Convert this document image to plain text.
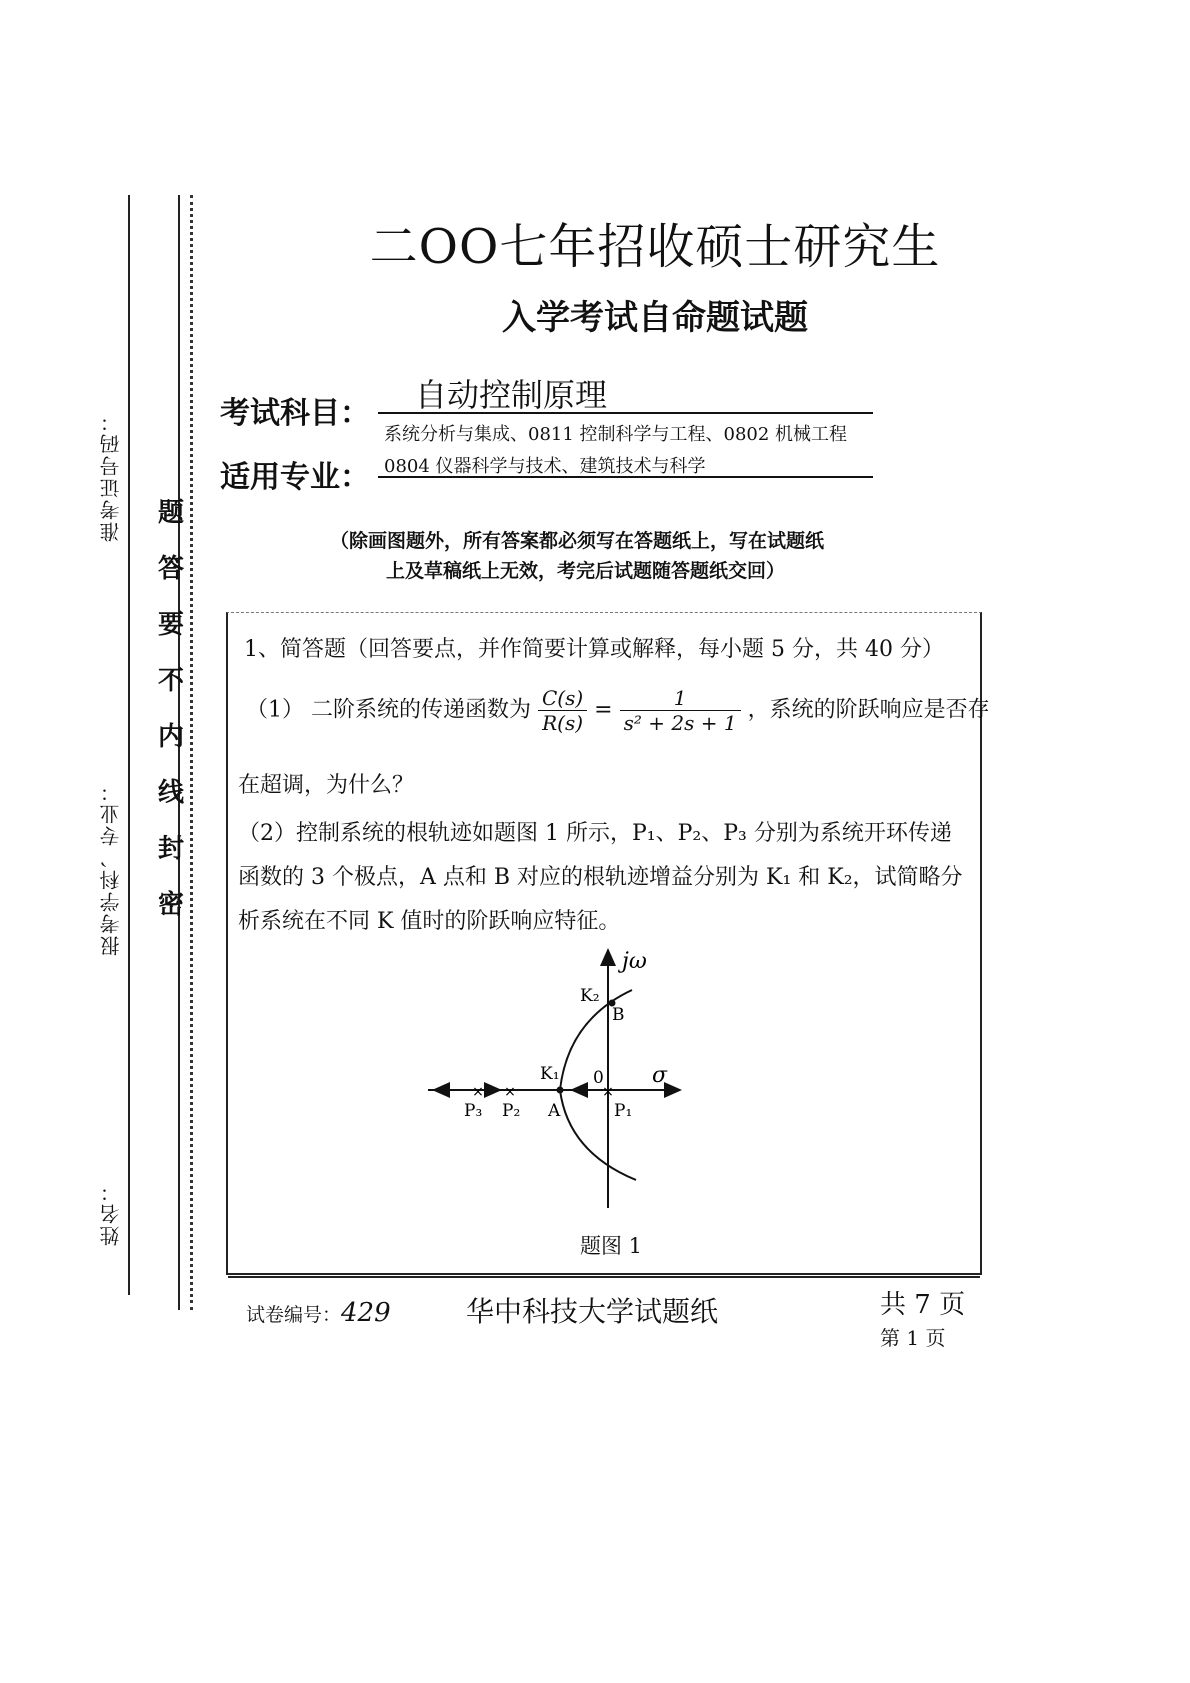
准考证号码：
报考学科、专业：
姓名：
题
答
要
不
内
线
封
密
二OO七年招收硕士研究生
入学考试自命题试题
考试科目： 自动控制原理
适用专业：
系统分析与集成、0811 控制科学与工程、0802 机械工程
0804 仪器科学与技术、建筑技术与科学
（除画图题外，所有答案都必须写在答题纸上，写在试题纸
上及草稿纸上无效，考完后试题随答题纸交回）
1、简答题（回答要点，并作简要计算或解释，每小题 5 分，共 40 分）
（1） 二阶系统的传递函数为 $\frac{C(s)}{R(s)} = \frac{1}{\text{s² + 2s + 1}}$ ，系统的阶跃响应是否存
在超调，为什么？
（2）控制系统的根轨迹如题图 1 所示，P₁、P₂、P₃ 分别为系统开环传递
函数的 3 个极点，A 点和 B 对应的根轨迹增益分别为 K₁ 和 K₂，试简略分
析系统在不同 K 值时的阶跃响应特征。
× ×	×
jω
σ
0
K₁
K₂
A
B
P₁
P₂
P₃
题图 1
试卷编号：429	华中科技大学试题纸	共 7 页
第 1 页
